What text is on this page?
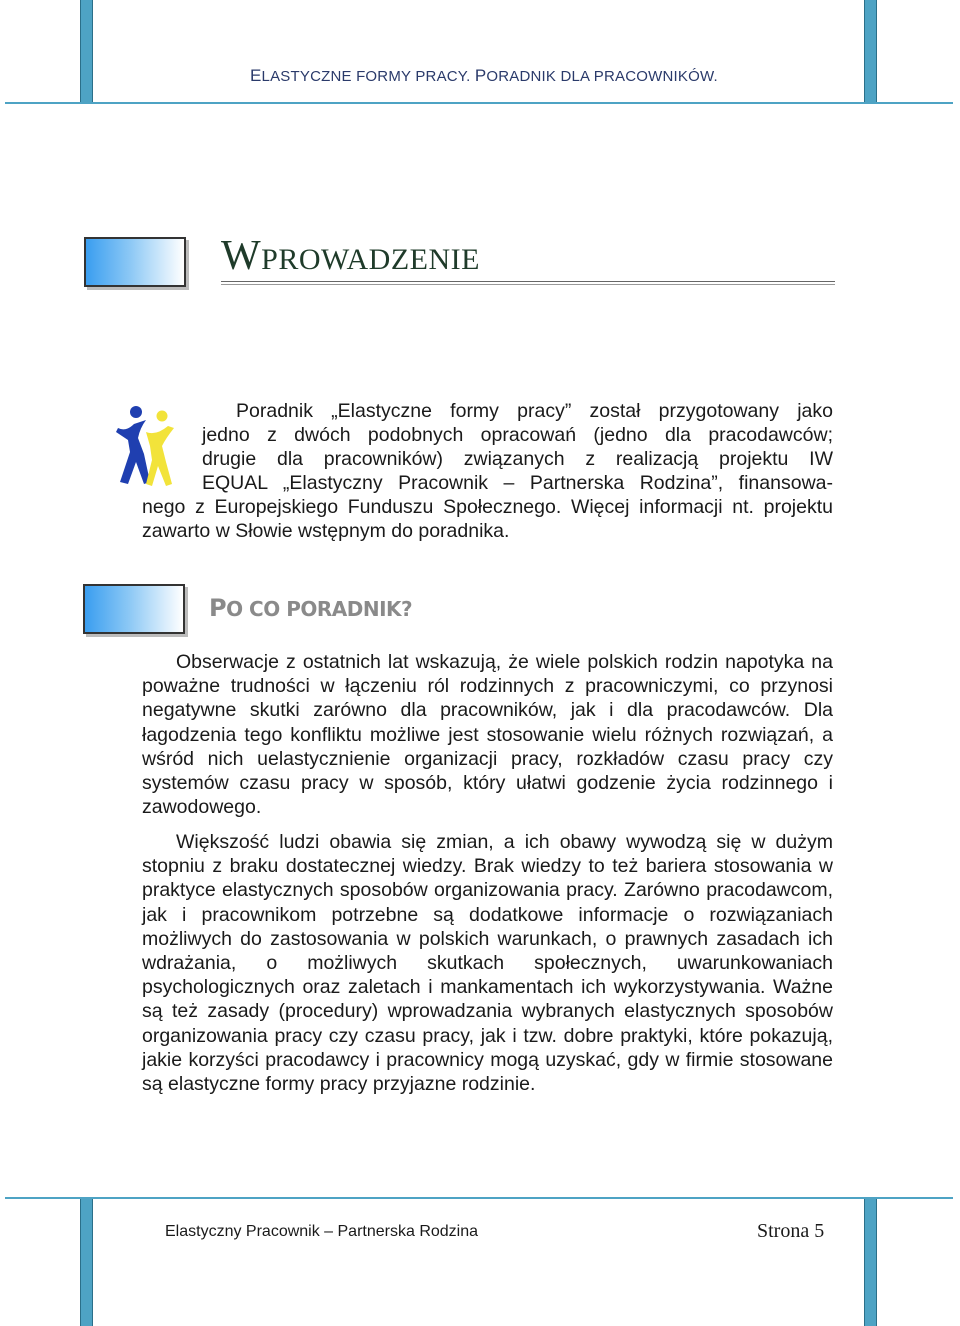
ELASTYCZNE FORMY PRACY. PORADNIK DLA PRACOWNIKÓW.
WPROWADZENIE
Poradnik „Elastyczne formy pracy” został przygotowany jako
jedno z dwóch podobnych opracowań (jedno dla pracodawców;
drugie dla pracowników) związanych z realizacją projektu IW
EQUAL „Elastyczny Pracownik – Partnerska Rodzina”, finansowa-
nego z Europejskiego Funduszu Społecznego. Więcej informacji nt. projektu
zawarto w Słowie wstępnym do poradnika.
PO CO PORADNIK?

Obserwacje z ostatnich lat wskazują, że wiele polskich rodzin napotyka na poważne trudności w łączeniu ról rodzinnych z pracowniczymi, co przynosi negatywne skutki zarówno dla pracowników, jak i dla pracodawców. Dla łagodzenia tego konfliktu możliwe jest stosowanie wielu różnych rozwiązań, a wśród nich uelastycznienie organizacji pracy, rozkładów czasu pracy czy systemów czasu pracy w sposób, który ułatwi godzenie życia rodzinnego i zawodowego.

Większość ludzi obawia się zmian, a ich obawy wywodzą się w dużym stopniu z braku dostatecznej wiedzy. Brak wiedzy to też bariera stosowania w praktyce elastycznych sposobów organizowania pracy. Zarówno pracodawcom, jak i pracownikom potrzebne są dodatkowe informacje o rozwiązaniach możliwych do zastosowania w polskich warunkach, o prawnych zasadach ich wdrażania, o możliwych skutkach społecznych, uwarunkowaniach psychologicznych oraz zaletach i mankamentach ich wykorzystywania. Ważne są też zasady (procedury) wprowadzania wybranych elastycznych sposobów organizowania pracy czy czasu pracy, jak i tzw. dobre praktyki, które pokazują, jakie korzyści pracodawcy i pracownicy mogą uzyskać, gdy w firmie stosowane są elastyczne formy pracy przyjazne rodzinie.

Elastyczny Pracownik – Partnerska Rodzina	Strona 5
